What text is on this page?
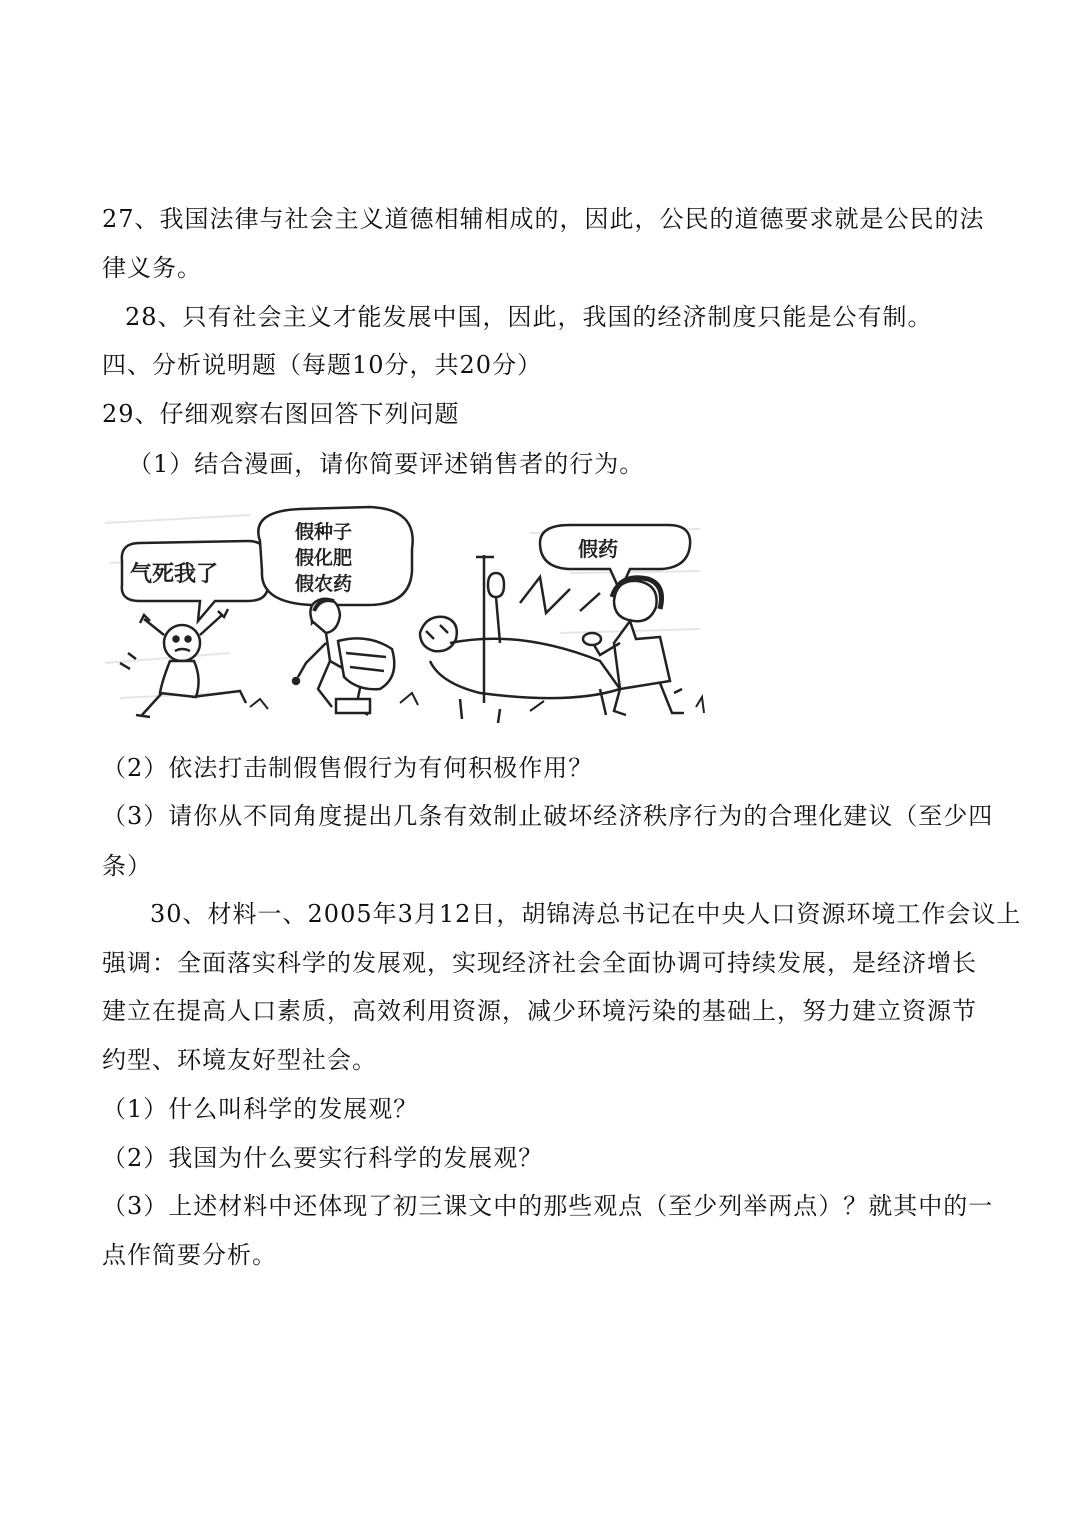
27、我国法律与社会主义道德相辅相成的，因此，公民的道德要求就是公民的法
律义务。
28、只有社会主义才能发展中国，因此，我国的经济制度只能是公有制。
四、分析说明题（每题10分，共20分）
29、仔细观察右图回答下列问题
（1）结合漫画，请你简要评述销售者的行为。
气死我了
假种子
假化肥
假农药
假药
（2）依法打击制假售假行为有何积极作用？
（3）请你从不同角度提出几条有效制止破坏经济秩序行为的合理化建议（至少四
条）
30、材料一、2005年3月12日，胡锦涛总书记在中央人口资源环境工作会议上
强调：全面落实科学的发展观，实现经济社会全面协调可持续发展，是经济增长
建立在提高人口素质，高效利用资源，减少环境污染的基础上，努力建立资源节
约型、环境友好型社会。
（1）什么叫科学的发展观？
（2）我国为什么要实行科学的发展观？
（3）上述材料中还体现了初三课文中的那些观点（至少列举两点）？就其中的一
点作简要分析。
